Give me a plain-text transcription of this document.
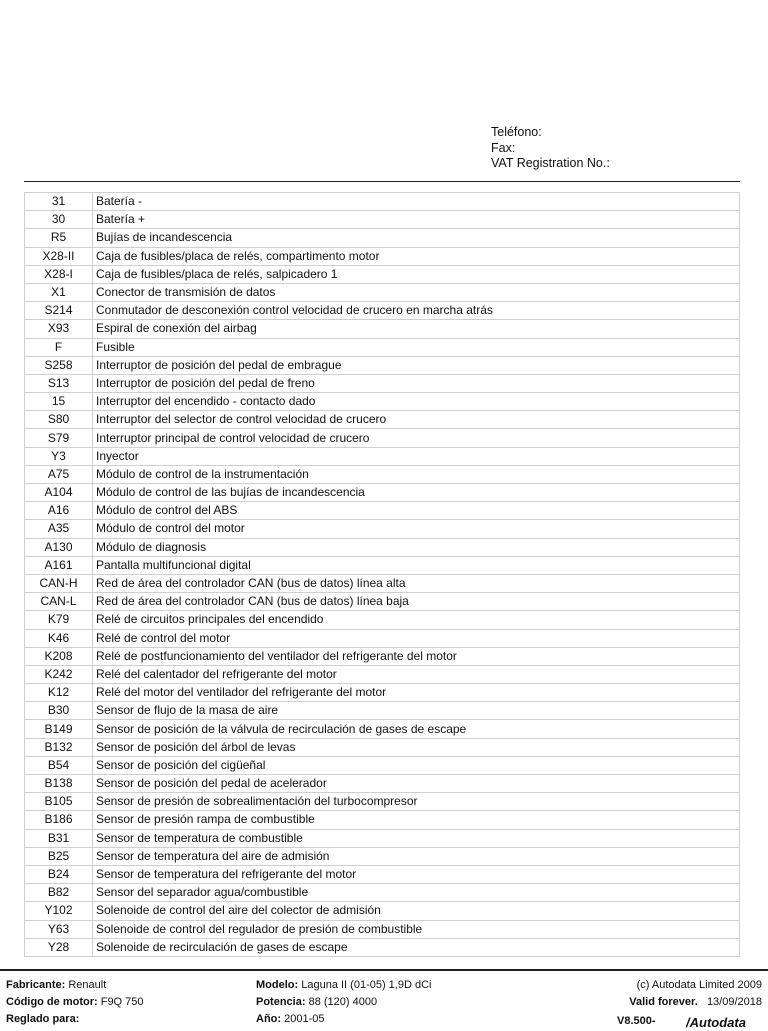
Teléfono:
Fax:
VAT Registration No.:
31	Batería -
30	Batería +
R5	Bujías de incandescencia
X28-II	Caja de fusibles/placa de relés, compartimento motor
X28-I	Caja de fusibles/placa de relés, salpicadero 1
X1	Conector de transmisión de datos
S214	Conmutador de desconexión control velocidad de crucero en marcha atrás
X93	Espiral de conexión del airbag
F	Fusible
S258	Interruptor de posición del pedal de embrague
S13	Interruptor de posición del pedal de freno
15	Interruptor del encendido - contacto dado
S80	Interruptor del selector de control velocidad de crucero
S79	Interruptor principal de control velocidad de crucero
Y3	Inyector
A75	Módulo de control de la instrumentación
A104	Módulo de control de las bujías de incandescencia
A16	Módulo de control del ABS
A35	Módulo de control del motor
A130	Módulo de diagnosis
A161	Pantalla multifuncional digital
CAN-H	Red de área del controlador CAN (bus de datos) línea alta
CAN-L	Red de área del controlador CAN (bus de datos) línea baja
K79	Relé de circuitos principales del encendido
K46	Relé de control del motor
K208	Relé de postfuncionamiento del ventilador del refrigerante del motor
K242	Relé del calentador del refrigerante del motor
K12	Relé del motor del ventilador del refrigerante del motor
B30	Sensor de flujo de la masa de aire
B149	Sensor de posición de la válvula de recirculación de gases de escape
B132	Sensor de posición del árbol de levas
B54	Sensor de posición del cigüeñal
B138	Sensor de posición del pedal de acelerador
B105	Sensor de presión de sobrealimentación del turbocompresor
B186	Sensor de presión rampa de combustible
B31	Sensor de temperatura de combustible
B25	Sensor de temperatura del aire de admisión
B24	Sensor de temperatura del refrigerante del motor
B82	Sensor del separador agua/combustible
Y102	Solenoide de control del aire del colector de admisión
Y63	Solenoide de control del regulador de presión de combustible
Y28	Solenoide de recirculación de gases de escape
Fabricante: Renault
Código de motor: F9Q 750
Reglado para:
Modelo: Laguna II (01-05) 1,9D dCi
Potencia: 88 (120) 4000
Año: 2001-05
(c) Autodata Limited 2009
Valid forever. 13/09/2018
V8.500- /Autodata
